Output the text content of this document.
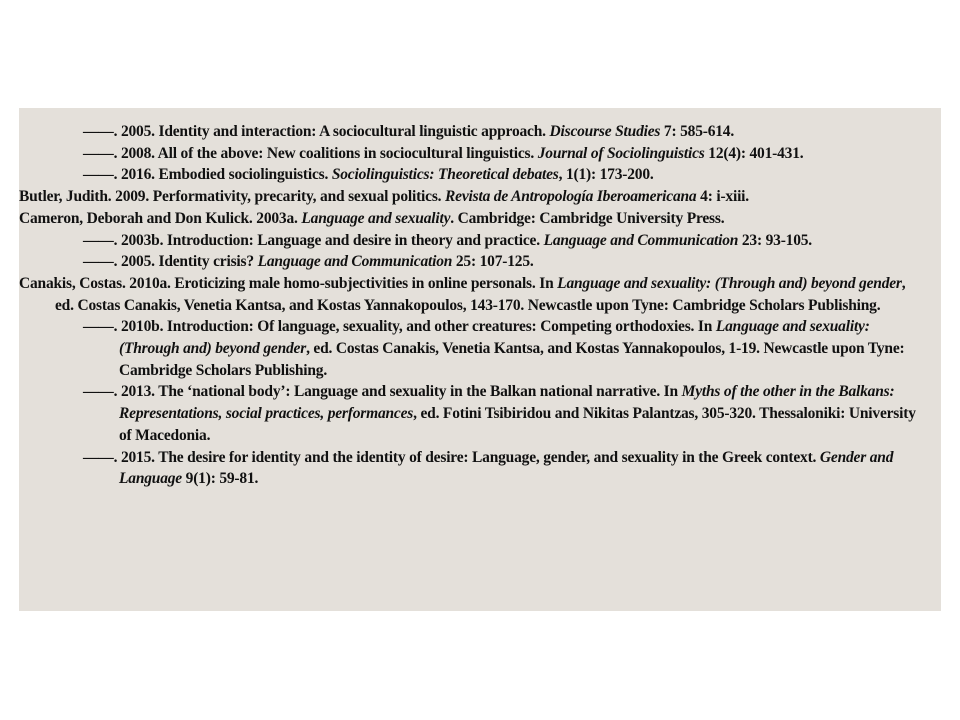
——. 2005. Identity and interaction: A sociocultural linguistic approach. Discourse Studies 7: 585-614.
——. 2008. All of the above: New coalitions in sociocultural linguistics. Journal of Sociolinguistics 12(4): 401-431.
——. 2016. Embodied sociolinguistics. Sociolinguistics: Theoretical debates, 1(1): 173-200.
Butler, Judith. 2009. Performativity, precarity, and sexual politics. Revista de Antropología Iberoamericana 4: i-xiii.
Cameron, Deborah and Don Kulick. 2003a. Language and sexuality. Cambridge: Cambridge University Press.
——. 2003b. Introduction: Language and desire in theory and practice. Language and Communication 23: 93-105.
——. 2005. Identity crisis? Language and Communication 25: 107-125.
Canakis, Costas. 2010a. Eroticizing male homo-subjectivities in online personals. In Language and sexuality: (Through and) beyond gender, ed. Costas Canakis, Venetia Kantsa, and Kostas Yannakopoulos, 143-170. Newcastle upon Tyne: Cambridge Scholars Publishing.
——. 2010b. Introduction: Of language, sexuality, and other creatures: Competing orthodoxies. In Language and sexuality: (Through and) beyond gender, ed. Costas Canakis, Venetia Kantsa, and Kostas Yannakopoulos, 1-19. Newcastle upon Tyne: Cambridge Scholars Publishing.
——. 2013. The ‘national body’: Language and sexuality in the Balkan national narrative. In Myths of the other in the Balkans: Representations, social practices, performances, ed. Fotini Tsibiridou and Nikitas Palantzas, 305-320. Thessaloniki: University of Macedonia.
——. 2015. The desire for identity and the identity of desire: Language, gender, and sexuality in the Greek context. Gender and Language 9(1): 59-81.
